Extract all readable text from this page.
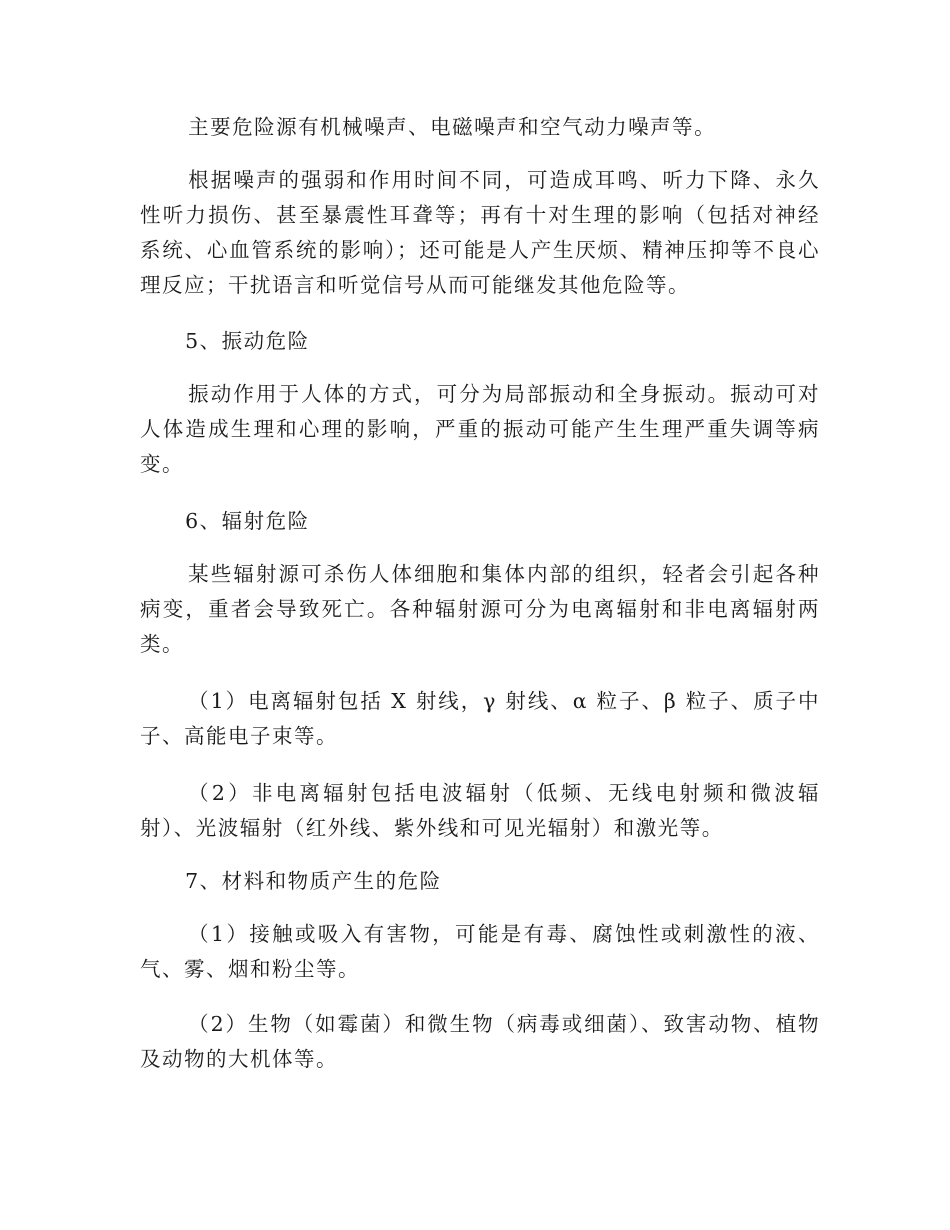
主要危险源有机械噪声、电磁噪声和空气动力噪声等。

根据噪声的强弱和作用时间不同，可造成耳鸣、听力下降、永久性听力损伤、甚至暴震性耳聋等；再有十对生理的影响（包括对神经系统、心血管系统的影响）；还可能是人产生厌烦、精神压抑等不良心理反应；干扰语言和听觉信号从而可能继发其他危险等。

5、振动危险

振动作用于人体的方式，可分为局部振动和全身振动。振动可对人体造成生理和心理的影响，严重的振动可能产生生理严重失调等病变。

6、辐射危险

某些辐射源可杀伤人体细胞和集体内部的组织，轻者会引起各种病变，重者会导致死亡。各种辐射源可分为电离辐射和非电离辐射两类。

（1）电离辐射包括 X 射线，γ 射线、α 粒子、β 粒子、质子中子、高能电子束等。

（2）非电离辐射包括电波辐射（低频、无线电射频和微波辐射）、光波辐射（红外线、紫外线和可见光辐射）和激光等。

7、材料和物质产生的危险

（1）接触或吸入有害物，可能是有毒、腐蚀性或刺激性的液、气、雾、烟和粉尘等。

（2）生物（如霉菌）和微生物（病毒或细菌）、致害动物、植物及动物的大机体等。
